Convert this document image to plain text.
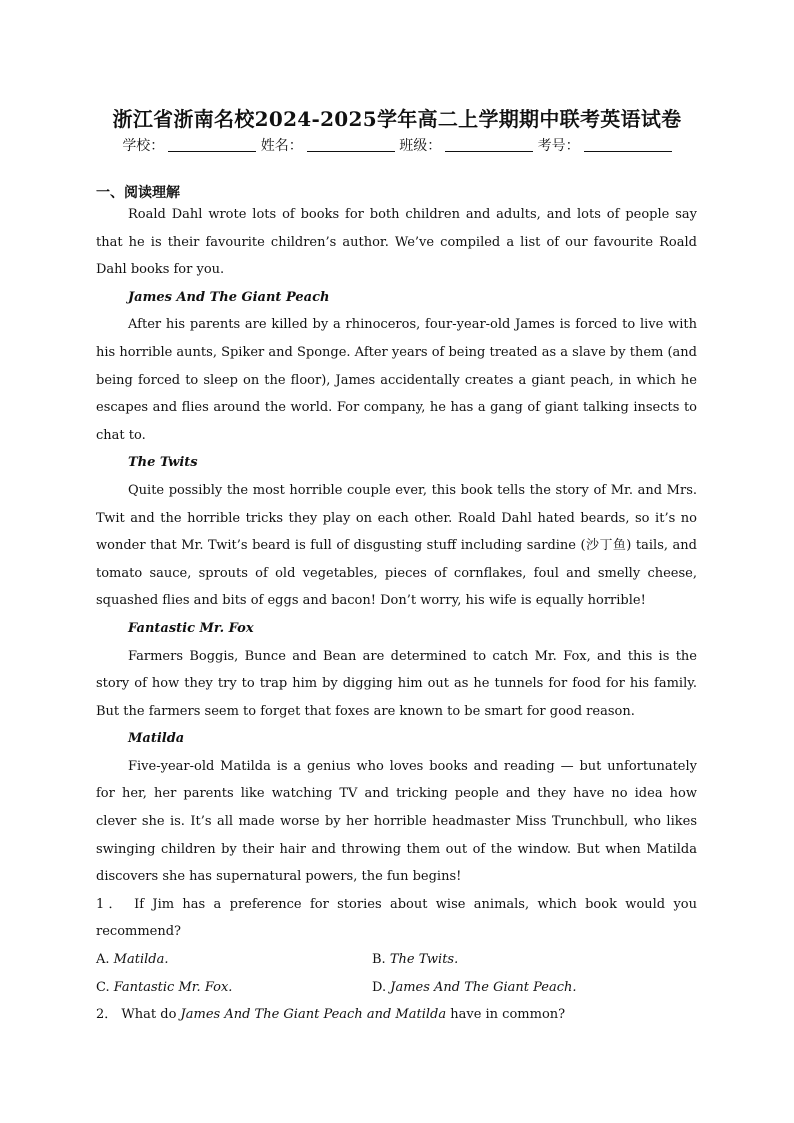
浙江省浙南名校2024-2025学年高二上学期期中联考英语试卷
学校：	姓名：	班级：	考号：
一、阅读理解

Roald Dahl wrote lots of books for both children and adults, and lots of people say that he is their favourite children’s author. We’ve compiled a list of our favourite Roald Dahl books for you.

James And The Giant Peach

After his parents are killed by a rhinoceros, four-year-old James is forced to live with his horrible aunts, Spiker and Sponge. After years of being treated as a slave by them (and being forced to sleep on the floor), James accidentally creates a giant peach, in which he escapes and flies around the world. For company, he has a gang of giant talking insects to chat to.

The Twits

Quite possibly the most horrible couple ever, this book tells the story of Mr. and Mrs. Twit and the horrible tricks they play on each other. Roald Dahl hated beards, so it’s no wonder that Mr. Twit’s beard is full of disgusting stuff including sardine (沙丁鱼) tails, and tomato sauce, sprouts of old vegetables, pieces of cornflakes, foul and smelly cheese, squashed flies and bits of eggs and bacon! Don’t worry, his wife is equally horrible!

Fantastic Mr. Fox

Farmers Boggis, Bunce and Bean are determined to catch Mr. Fox, and this is the story of how they try to trap him by digging him out as he tunnels for food for his family. But the farmers seem to forget that foxes are known to be smart for good reason.

Matilda

Five-year-old Matilda is a genius who loves books and reading — but unfortunately for her, her parents like watching TV and tricking people and they have no idea how clever she is. It’s all made worse by her horrible headmaster Miss Trunchbull, who likes swinging children by their hair and throwing them out of the window. But when Matilda discovers she has supernatural powers, the fun begins!

1． If Jim has a preference for stories about wise animals, which book would you recommend?

A. Matilda.	B. The Twits.
C. Fantastic Mr. Fox.	D. James And The Giant Peach.

2． What do James And The Giant Peach and Matilda have in common?
